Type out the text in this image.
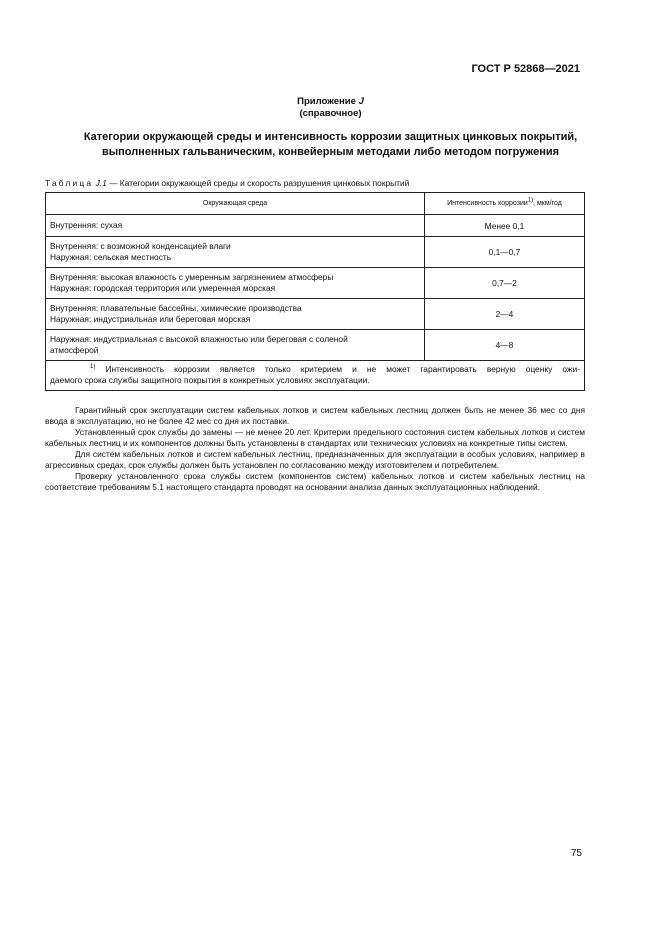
ГОСТ Р 52868—2021
Приложение J
(справочное)
Категории окружающей среды и интенсивность коррозии защитных цинковых покрытий,
выполненных гальваническим, конвейерным методами либо методом погружения
Таблица J.1 — Категории окружающей среды и скорость разрушения цинковых покрытий
Окружающая среда	Интенсивность коррозии$^{1)}$, мкм/год

Внутренняя: сухая	Менее 0,1

Внутренняя: с возможной конденсацией влаги
Наружная: сельская местность	0,1—0,7

Внутренняя: высокая влажность с умеренным загрязнением атмосферы
Наружная: городская территория или умеренная морская	0,7—2

Внутренняя: плавательные бассейны, химические производства
Наружная: индустриальная или береговая морская	2—4

Наружная: индустриальная с высокой влажностью или береговая с соленой
атмосферой	4—8

$^{1)}$ Интенсивность коррозии является только критерием и не может гарантировать верную оценку ожи-
даемого срока службы защитного покрытия в конкретных условиях эксплуатации.	

Гарантийный срок эксплуатации систем кабельных лотков и систем кабельных лестниц должен быть не менее 36 мес со дня ввода в эксплуатацию, но не более 42 мес со дня их поставки.

Установленный срок службы до замены — не менее 20 лет. Критерии предельного состояния систем кабельных лотков и систем кабельных лестниц и их компонентов должны быть установлены в стандартах или технических условиях на конкретные типы систем.

Для систем кабельных лотков и систем кабельных лестниц, предназначенных для эксплуатации в особых условиях, например в агрессивных средах, срок службы должен быть установлен по согласованию между изготовителем и потребителем.

Проверку установленного срока службы систем (компонентов систем) кабельных лотков и систем кабельных лестниц на соответствие требованиям 5.1 настоящего стандарта проводят на основании анализа данных эксплуатационных наблюдений.

75
